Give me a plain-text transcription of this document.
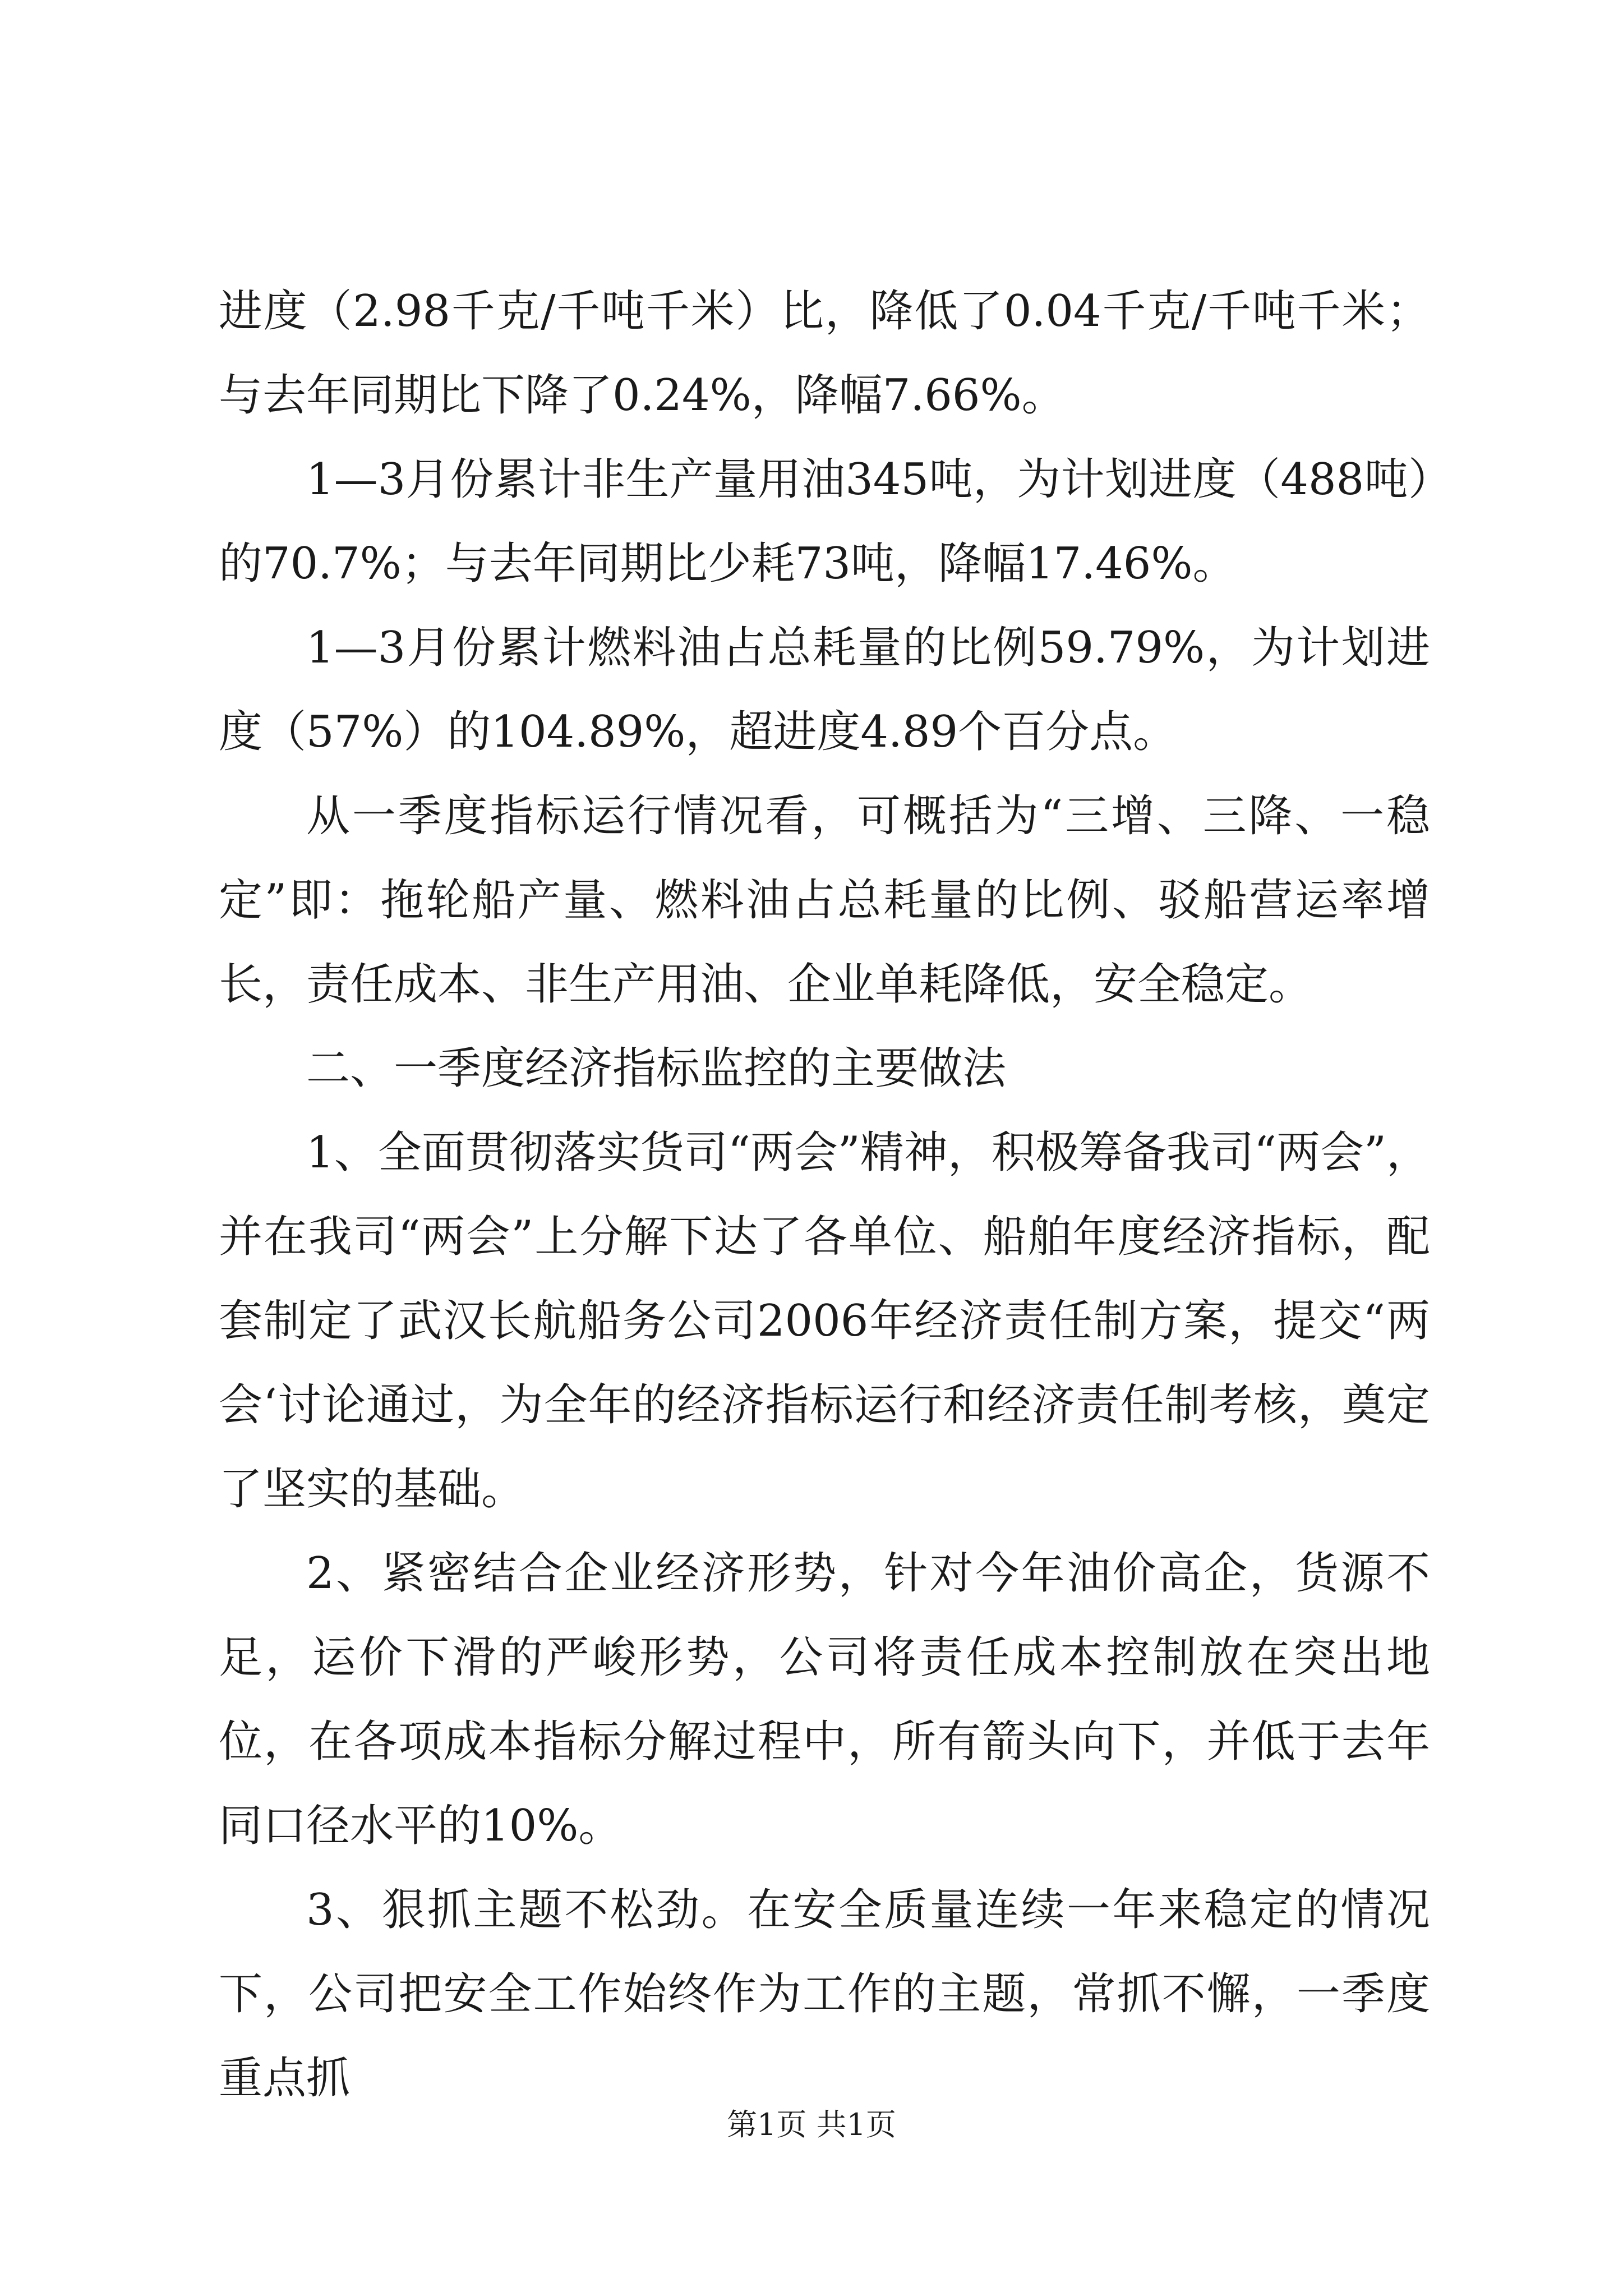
进度（2.98千克/千吨千米）比，降低了0.04千克/千吨千米；与去年同期比下降了0.24%，降幅7.66%。

1—3月份累计非生产量用油345吨，为计划进度（488吨）的70.7%；与去年同期比少耗73吨，降幅17.46%。

1—3月份累计燃料油占总耗量的比例59.79%，为计划进度（57%）的104.89%，超进度4.89个百分点。

从一季度指标运行情况看，可概括为“三增、三降、一稳定”即：拖轮船产量、燃料油占总耗量的比例、驳船营运率增长，责任成本、非生产用油、企业单耗降低，安全稳定。

二、一季度经济指标监控的主要做法

1、全面贯彻落实货司“两会”精神，积极筹备我司“两会”，并在我司“两会”上分解下达了各单位、船舶年度经济指标，配套制定了武汉长航船务公司2006年经济责任制方案，提交“两会‘讨论通过，为全年的经济指标运行和经济责任制考核，奠定了坚实的基础。

2、紧密结合企业经济形势，针对今年油价高企，货源不足，运价下滑的严峻形势，公司将责任成本控制放在突出地位，在各项成本指标分解过程中，所有箭头向下，并低于去年同口径水平的10%。

3、狠抓主题不松劲。在安全质量连续一年来稳定的情况下，公司把安全工作始终作为工作的主题，常抓不懈，一季度重点抓

第1页 共1页
